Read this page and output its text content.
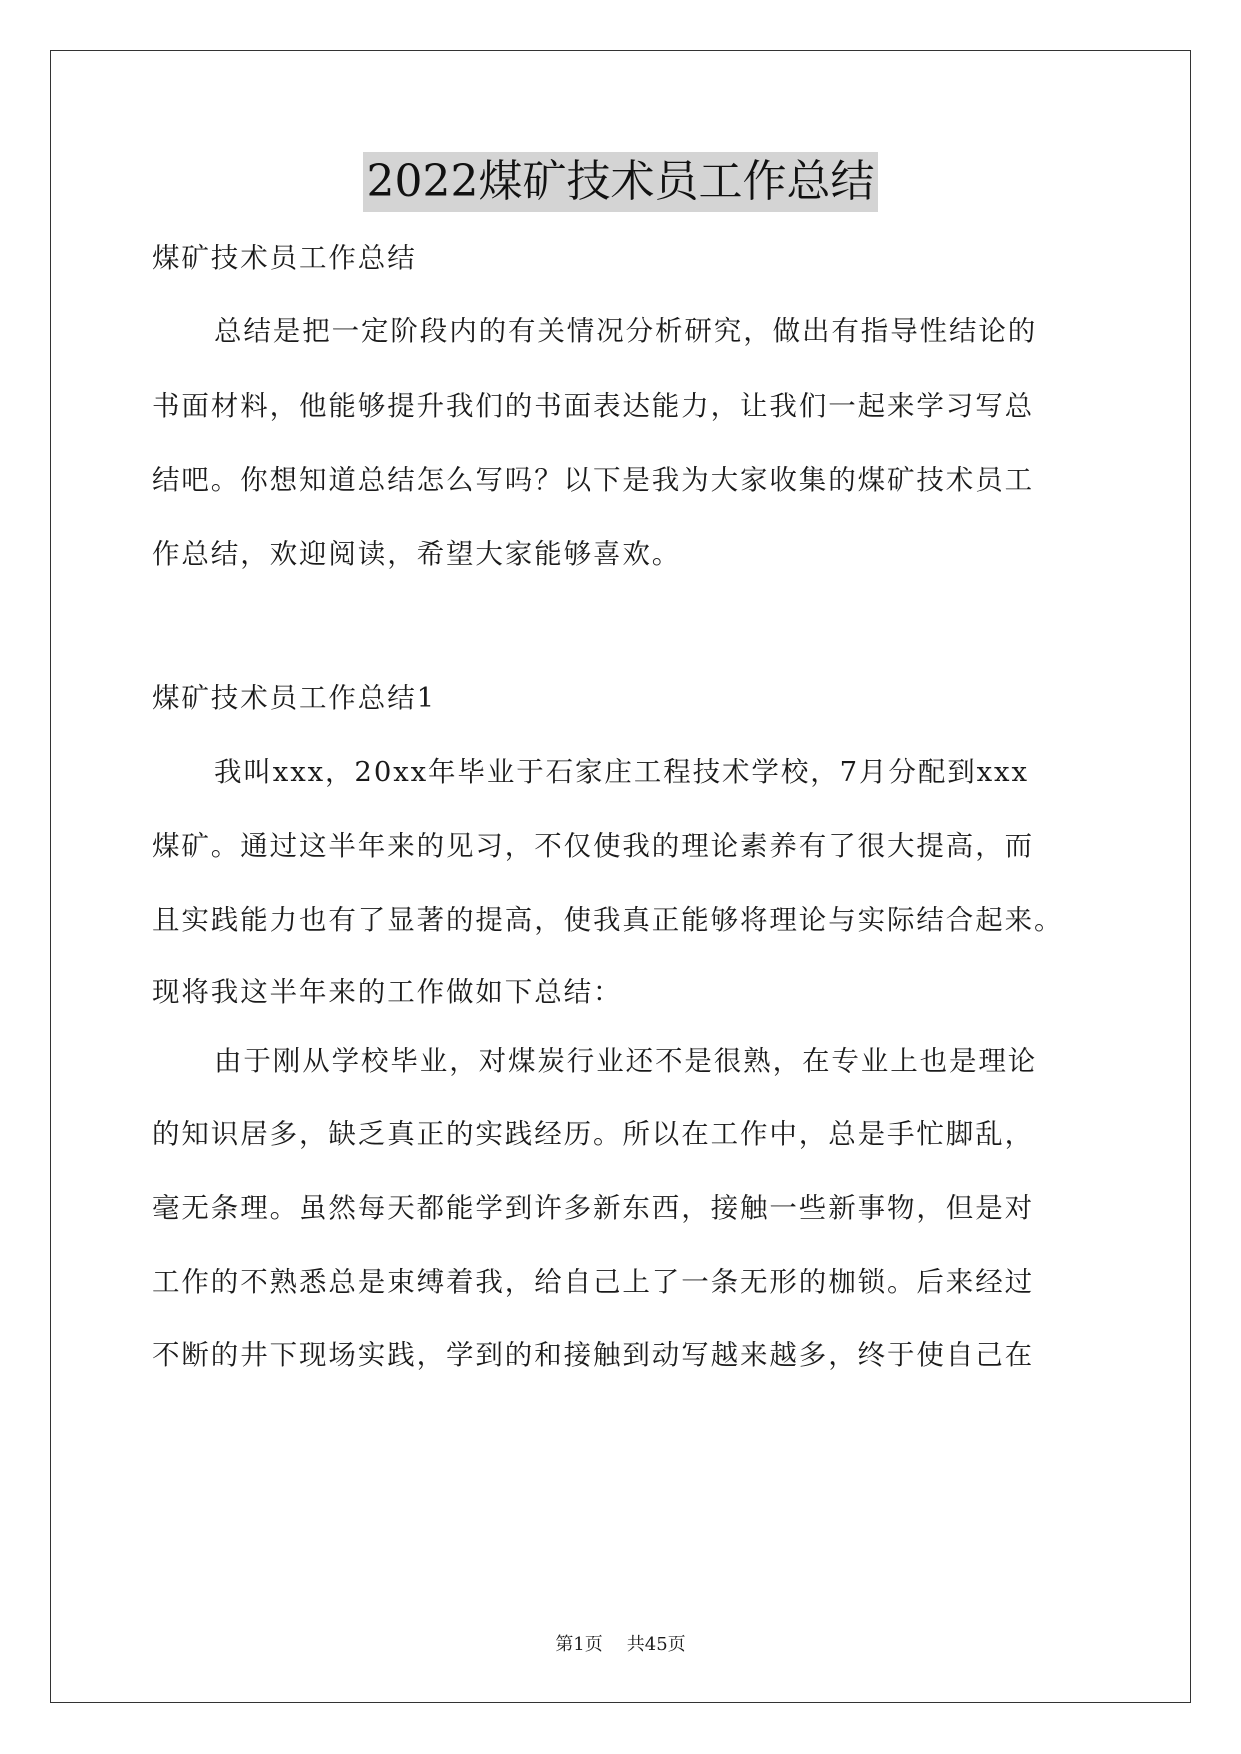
2022煤矿技术员工作总结
煤矿技术员工作总结
总结是把一定阶段内的有关情况分析研究，做出有指导性结论的
书面材料，他能够提升我们的书面表达能力，让我们一起来学习写总
结吧。你想知道总结怎么写吗？以下是我为大家收集的煤矿技术员工
作总结，欢迎阅读，希望大家能够喜欢。
煤矿技术员工作总结1
我叫xxx，20xx年毕业于石家庄工程技术学校，7月分配到xxx
煤矿。通过这半年来的见习，不仅使我的理论素养有了很大提高，而
且实践能力也有了显著的提高，使我真正能够将理论与实际结合起来。
现将我这半年来的工作做如下总结：
由于刚从学校毕业，对煤炭行业还不是很熟，在专业上也是理论
的知识居多，缺乏真正的实践经历。所以在工作中，总是手忙脚乱，
毫无条理。虽然每天都能学到许多新东西，接触一些新事物，但是对
工作的不熟悉总是束缚着我，给自己上了一条无形的枷锁。后来经过
不断的井下现场实践，学到的和接触到动写越来越多，终于使自己在
第1页 共45页
